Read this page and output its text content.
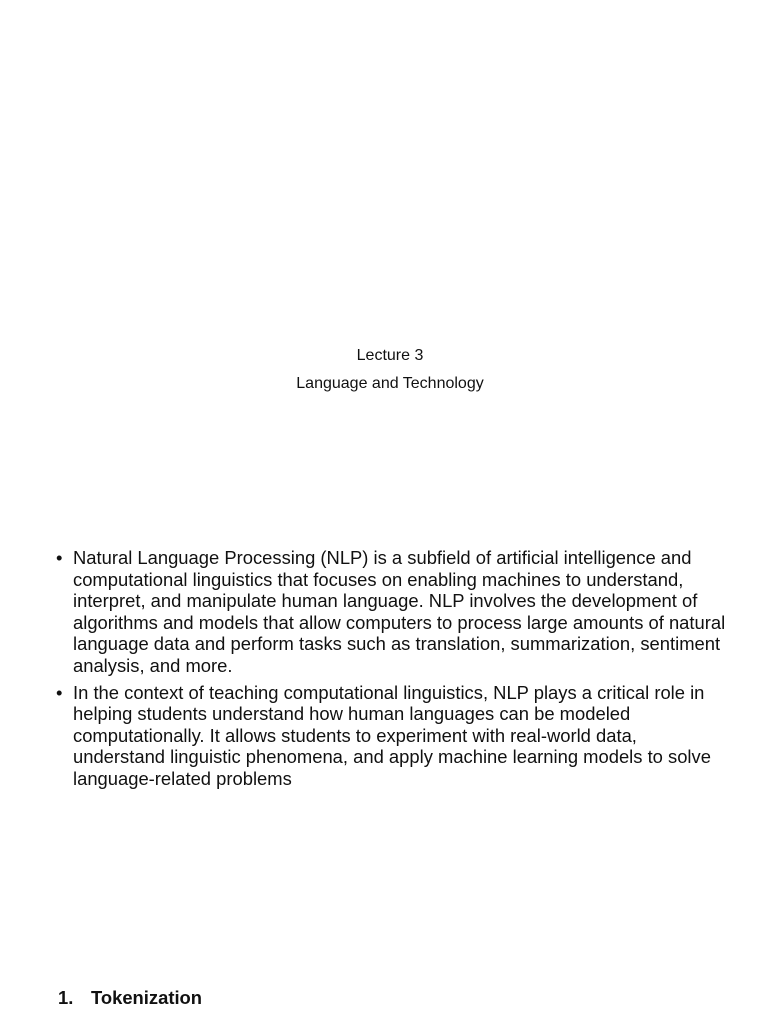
Lecture 3
Language and Technology
• Natural Language Processing (NLP) is a subfield of artificial intelligence and computational linguistics that focuses on enabling machines to understand, interpret, and manipulate human language. NLP involves the development of algorithms and models that allow computers to process large amounts of natural language data and perform tasks such as translation, summarization, sentiment analysis, and more.
• In the context of teaching computational linguistics, NLP plays a critical role in helping students understand how human languages can be modeled computationally. It allows students to experiment with real-world data, understand linguistic phenomena, and apply machine learning models to solve language-related problems
1. Tokenization
